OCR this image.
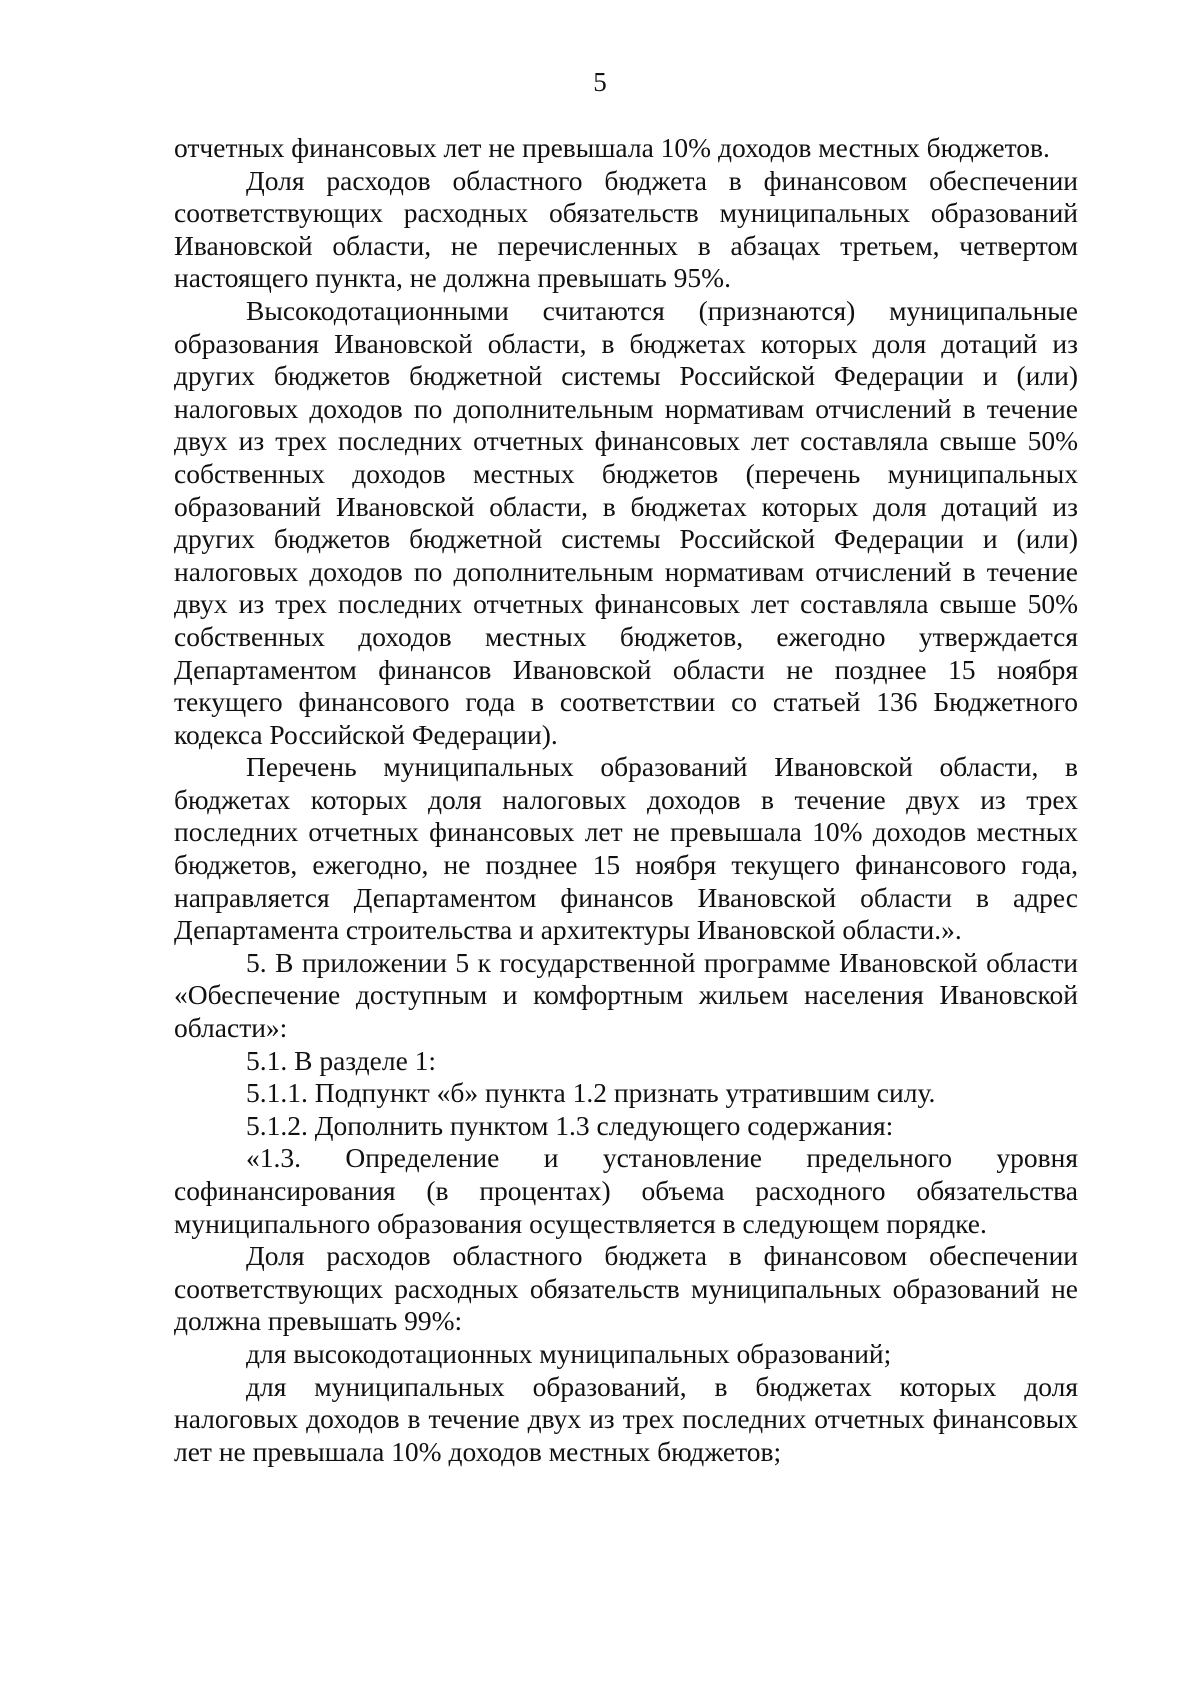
5

отчетных финансовых лет не превышала 10% доходов местных бюджетов.

Доля расходов областного бюджета в финансовом обеспечении соответствующих расходных обязательств муниципальных образований Ивановской области, не перечисленных в абзацах третьем, четвертом настоящего пункта, не должна превышать 95%.

Высокодотационными считаются (признаются) муниципальные образования Ивановской области, в бюджетах которых доля дотаций из других бюджетов бюджетной системы Российской Федерации и (или) налоговых доходов по дополнительным нормативам отчислений в течение двух из трех последних отчетных финансовых лет составляла свыше 50% собственных доходов местных бюджетов (перечень муниципальных образований Ивановской области, в бюджетах которых доля дотаций из других бюджетов бюджетной системы Российской Федерации и (или) налоговых доходов по дополнительным нормативам отчислений в течение двух из трех последних отчетных финансовых лет составляла свыше 50% собственных доходов местных бюджетов, ежегодно утверждается Департаментом финансов Ивановской области не позднее 15 ноября текущего финансового года в соответствии со статьей 136 Бюджетного кодекса Российской Федерации).

Перечень муниципальных образований Ивановской области, в бюджетах которых доля налоговых доходов в течение двух из трех последних отчетных финансовых лет не превышала 10% доходов местных бюджетов, ежегодно, не позднее 15 ноября текущего финансового года, направляется Департаментом финансов Ивановской области в адрес Департамента строительства и архитектуры Ивановской области.».

5. В приложении 5 к государственной программе Ивановской области «Обеспечение доступным и комфортным жильем населения Ивановской области»:

5.1. В разделе 1:

5.1.1. Подпункт «б» пункта 1.2 признать утратившим силу.

5.1.2. Дополнить пунктом 1.3 следующего содержания:

«1.3. Определение и установление предельного уровня софинансирования (в процентах) объема расходного обязательства муниципального образования осуществляется в следующем порядке.

Доля расходов областного бюджета в финансовом обеспечении соответствующих расходных обязательств муниципальных образований не должна превышать 99%:

для высокодотационных муниципальных образований;

для муниципальных образований, в бюджетах которых доля налоговых доходов в течение двух из трех последних отчетных финансовых лет не превышала 10% доходов местных бюджетов;
